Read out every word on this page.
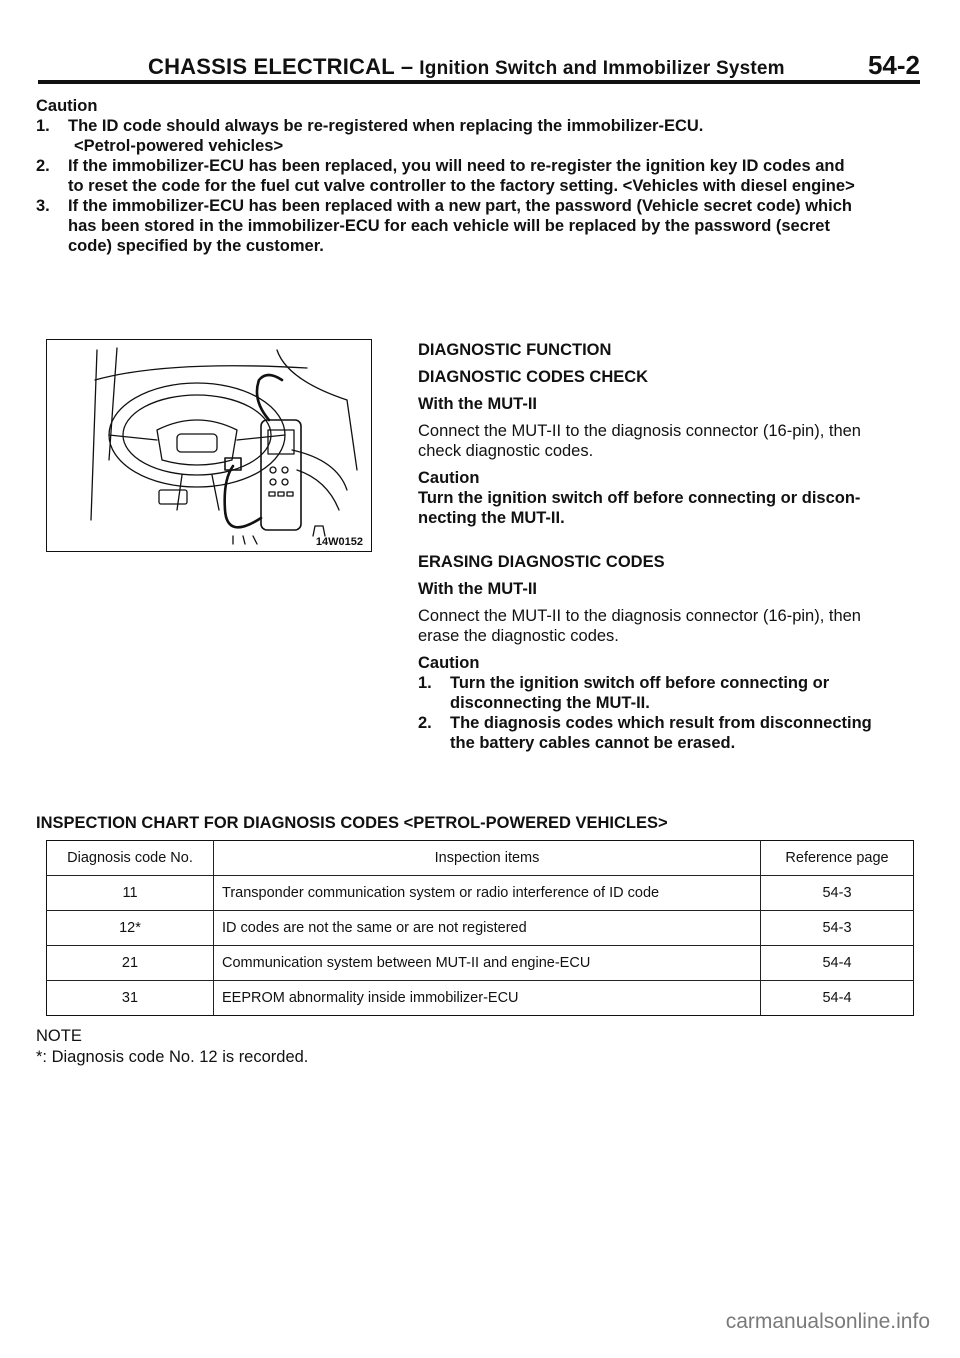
CHASSIS ELECTRICAL – Ignition Switch and Immobilizer System	54-2
Caution
1. The ID code should always be re-registered when replacing the immobilizer-ECU.
<Petrol-powered vehicles>
2. If the immobilizer-ECU has been replaced, you will need to re-register the ignition key ID codes and
to reset the code for the fuel cut valve controller to the factory setting. <Vehicles with diesel engine>
3. If the immobilizer-ECU has been replaced with a new part, the password (Vehicle secret code) which
has been stored in the immobilizer-ECU for each vehicle will be replaced by the password (secret
code) specified by the customer.
14W0152

DIAGNOSTIC FUNCTION

DIAGNOSTIC CODES CHECK

With the MUT-II

Connect the MUT-II to the diagnosis connector (16-pin), then

check diagnostic codes.

Caution

Turn the ignition switch off before connecting or discon-

necting the MUT-II.

ERASING DIAGNOSTIC CODES

With the MUT-II

Connect the MUT-II to the diagnosis connector (16-pin), then

erase the diagnostic codes.

Caution

1. Turn the ignition switch off before connecting or
disconnecting the MUT-II.
2. The diagnosis codes which result from disconnecting
the battery cables cannot be erased.
INSPECTION CHART FOR DIAGNOSIS CODES <PETROL-POWERED VEHICLES>
Diagnosis code No.	Inspection items	Reference page
11	Transponder communication system or radio interference of ID code	54-3
12*	ID codes are not the same or are not registered	54-3
21	Communication system between MUT-II and engine-ECU	54-4
31	EEPROM abnormality inside immobilizer-ECU	54-4
NOTE
*: Diagnosis code No. 12 is recorded.
carmanualsonline.info
